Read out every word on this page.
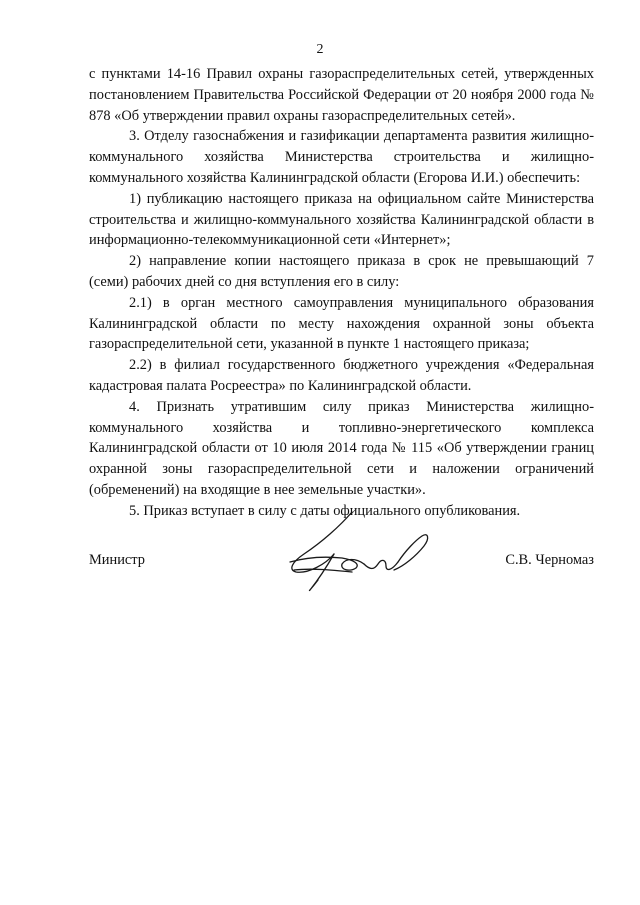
2

с пунктами 14-16 Правил охраны газораспределительных сетей, утвержденных постановлением Правительства Российской Федерации от 20 ноября 2000 года № 878 «Об утверждении правил охраны газораспределительных сетей».

3. Отделу газоснабжения и газификации департамента развития жилищно-коммунального хозяйства Министерства строительства и жилищно-коммунального хозяйства Калининградской области (Егорова И.И.) обеспечить:

1) публикацию настоящего приказа на официальном сайте Министерства строительства и жилищно-коммунального хозяйства Калининградской области в информационно-телекоммуникационной сети «Интернет»;

2) направление копии настоящего приказа в срок не превышающий 7 (семи) рабочих дней со дня вступления его в силу:

2.1) в орган местного самоуправления муниципального образования Калининградской области по месту нахождения охранной зоны объекта газораспределительной сети, указанной в пункте 1 настоящего приказа;

2.2) в филиал государственного бюджетного учреждения «Федеральная кадастровая палата Росреестра» по Калининградской области.

4. Признать утратившим силу приказ Министерства жилищно-коммунального хозяйства и топливно-энергетического комплекса Калининградской области от 10 июля 2014 года № 115 «Об утверждении границ охранной зоны газораспределительной сети и наложении ограничений (обременений) на входящие в нее земельные участки».

5. Приказ вступает в силу с даты официального опубликования.

Министр	С.В. Черномаз
